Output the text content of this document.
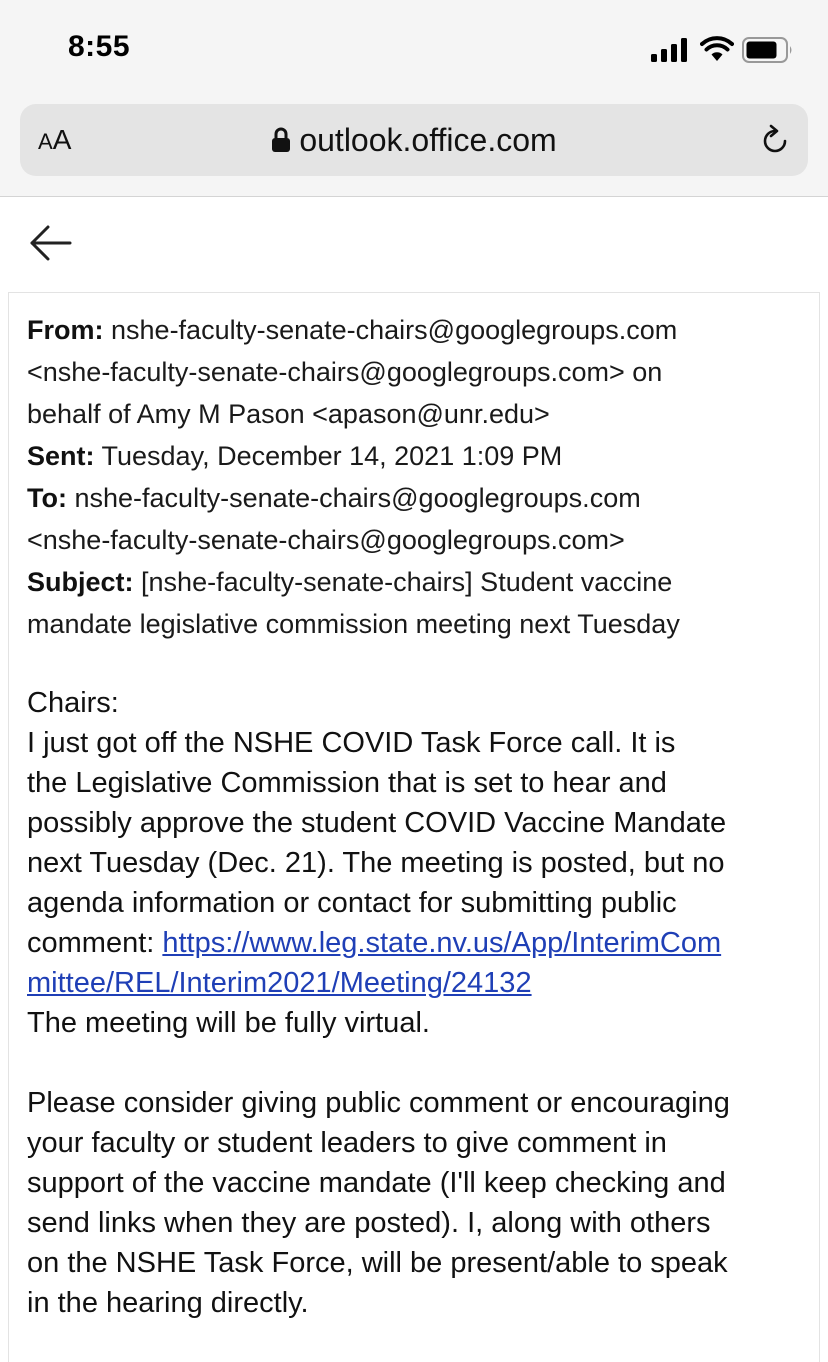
8:55
AA	outlook.office.com
From: nshe-faculty-senate-chairs@googlegroups.com
<nshe-faculty-senate-chairs@googlegroups.com> on
behalf of Amy M Pason <apason@unr.edu>
Sent: Tuesday, December 14, 2021 1:09 PM
To: nshe-faculty-senate-chairs@googlegroups.com
<nshe-faculty-senate-chairs@googlegroups.com>
Subject: [nshe-faculty-senate-chairs] Student vaccine
mandate legislative commission meeting next Tuesday
Chairs:
I just got off the NSHE COVID Task Force call. It is
the Legislative Commission that is set to hear and
possibly approve the student COVID Vaccine Mandate
next Tuesday (Dec. 21). The meeting is posted, but no
agenda information or contact for submitting public
comment: https://www.leg.state.nv.us/App/InterimCom
mittee/REL/Interim2021/Meeting/24132
The meeting will be fully virtual.
Please consider giving public comment or encouraging
your faculty or student leaders to give comment in
support of the vaccine mandate (I'll keep checking and
send links when they are posted). I, along with others
on the NSHE Task Force, will be present/able to speak
in the hearing directly.
